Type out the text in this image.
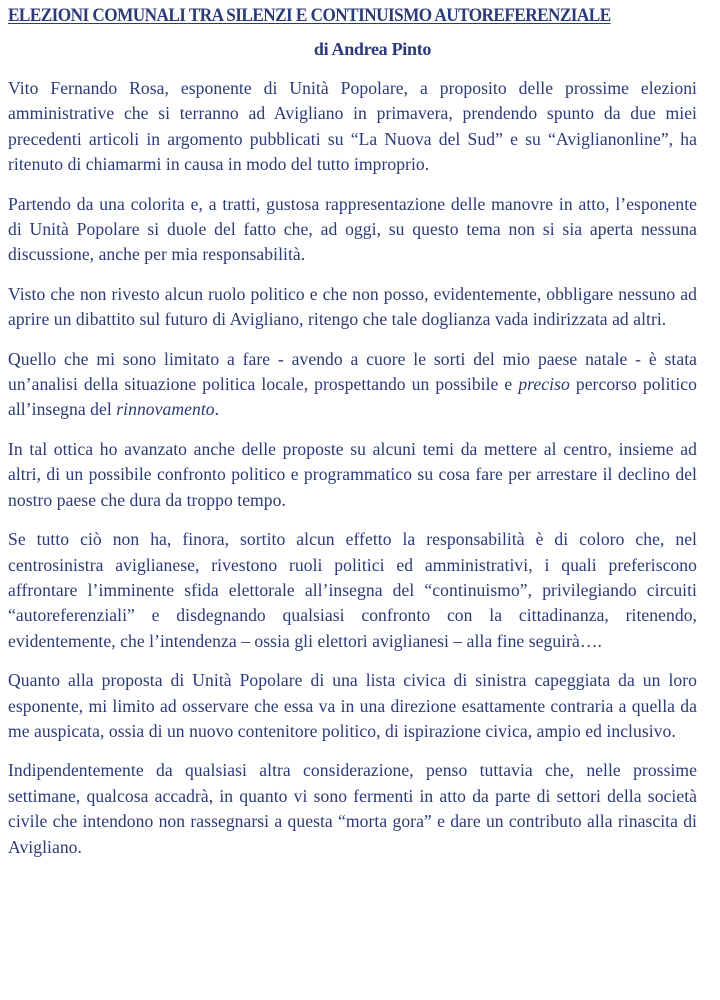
ELEZIONI COMUNALI TRA SILENZI E CONTINUISMO AUTOREFERENZIALE
di Andrea Pinto

Vito Fernando Rosa, esponente di Unità Popolare, a proposito delle prossime elezioni amministrative che si terranno ad Avigliano in primavera, prendendo spunto da due miei precedenti articoli in argomento pubblicati su “La Nuova del Sud” e su “Aviglianonline”, ha ritenuto di chiamarmi in causa in modo del tutto improprio.

Partendo da una colorita e, a tratti, gustosa rappresentazione delle manovre in atto, l’esponente di Unità Popolare si duole del fatto che, ad oggi, su questo tema non si sia aperta nessuna discussione, anche per mia responsabilità.

Visto che non rivesto alcun ruolo politico e che non posso, evidentemente, obbligare nessuno ad aprire un dibattito sul futuro di Avigliano, ritengo che tale doglianza vada indirizzata ad altri.

Quello che mi sono limitato a fare - avendo a cuore le sorti del mio paese natale - è stata un’analisi della situazione politica locale, prospettando un possibile e preciso percorso politico all’insegna del rinnovamento.

In tal ottica ho avanzato anche delle proposte su alcuni temi da mettere al centro, insieme ad altri, di un possibile confronto politico e programmatico su cosa fare per arrestare il declino del nostro paese che dura da troppo tempo.

Se tutto ciò non ha, finora, sortito alcun effetto la responsabilità è di coloro che, nel centrosinistra aviglianese, rivestono ruoli politici ed amministrativi, i quali preferiscono affrontare l’imminente sfida elettorale all’insegna del “continuismo”, privilegiando circuiti “autoreferenziali” e disdegnando qualsiasi confronto con la cittadinanza, ritenendo, evidentemente, che l’intendenza – ossia gli elettori aviglianesi – alla fine seguirà….

Quanto alla proposta di Unità Popolare di una lista civica di sinistra capeggiata da un loro esponente, mi limito ad osservare che essa va in una direzione esattamente contraria a quella da me auspicata, ossia di un nuovo contenitore politico, di ispirazione civica, ampio ed inclusivo.

Indipendentemente da qualsiasi altra considerazione, penso tuttavia che, nelle prossime settimane, qualcosa accadrà, in quanto vi sono fermenti in atto da parte di settori della società civile che intendono non rassegnarsi a questa “morta gora” e dare un contributo alla rinascita di Avigliano.
